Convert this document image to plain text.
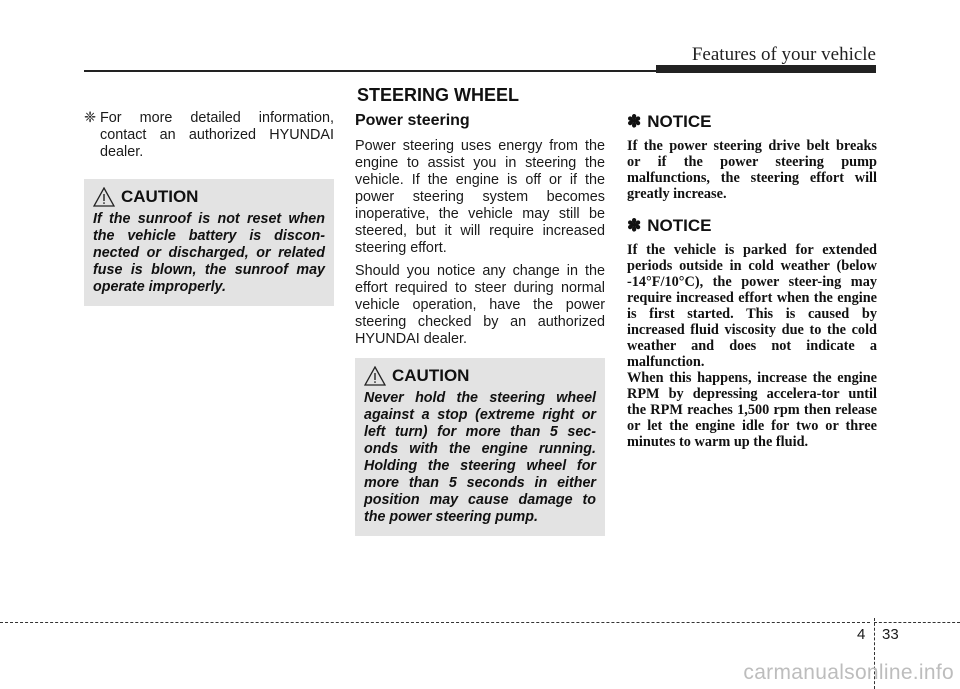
Features of your vehicle
STEERING WHEEL
❈ For more detailed information, contact an authorized HYUNDAI dealer.
CAUTION
If the sunroof is not reset when the vehicle battery is discon-nected or discharged, or related fuse is blown, the sunroof may operate improperly.
Power steering

Power steering uses energy from the engine to assist you in steering the vehicle. If the engine is off or if the power steering system becomes inoperative, the vehicle may still be steered, but it will require increased steering effort.

Should you notice any change in the effort required to steer during normal vehicle operation, have the power steering checked by an authorized HYUNDAI dealer.

CAUTION
Never hold the steering wheel against a stop (extreme right or left turn) for more than 5 sec-onds with the engine running. Holding the steering wheel for more than 5 seconds in either position may cause damage to the power steering pump.
✽ NOTICE

If the power steering drive belt breaks or if the power steering pump malfunctions, the steering effort will greatly increase.

✽ NOTICE

If the vehicle is parked for extended periods outside in cold weather (below -14°F/10°C), the power steer-ing may require increased effort when the engine is first started. This is caused by increased fluid viscosity due to the cold weather and does not indicate a malfunction.

When this happens, increase the engine RPM by depressing accelera-tor until the RPM reaches 1,500 rpm then release or let the engine idle for two or three minutes to warm up the fluid.

4 33
carmanualsonline.info
